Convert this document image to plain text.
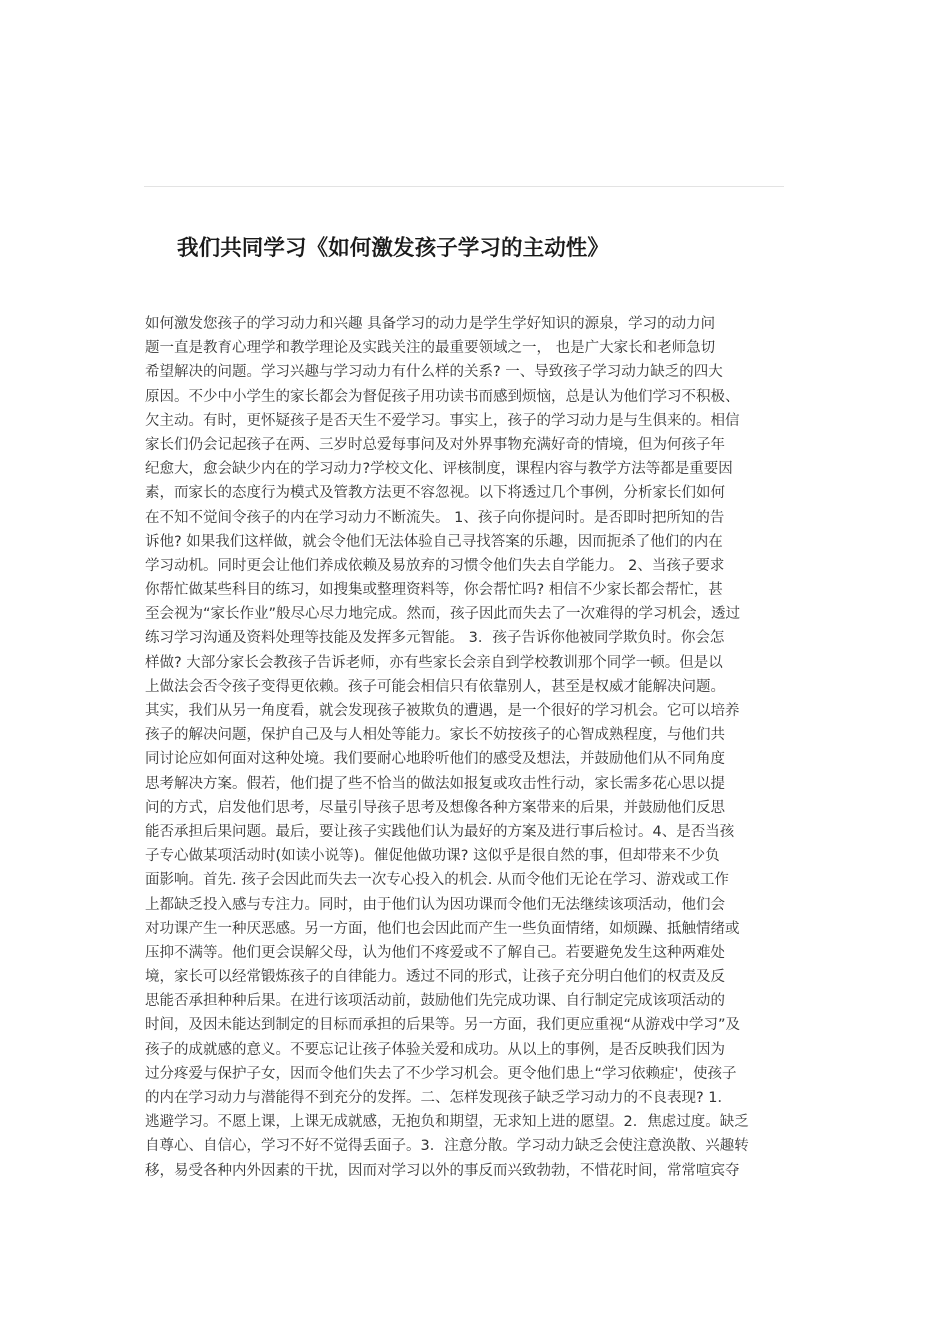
我们共同学习《如何激发孩子学习的主动性》
如何激发您孩子的学习动力和兴趣 具备学习的动力是学生学好知识的源泉，学习的动力问
题一直是教育心理学和教学理论及实践关注的最重要领域之一， 也是广大家长和老师急切
希望解决的问题。学习兴趣与学习动力有什么样的关系? 一、导致孩子学习动力缺乏的四大
原因。不少中小学生的家长都会为督促孩子用功读书而感到烦恼，总是认为他们学习不积极、
欠主动。有时，更怀疑孩子是否天生不爱学习。事实上，孩子的学习动力是与生俱来的。相信
家长们仍会记起孩子在两、三岁时总爱每事问及对外界事物充满好奇的情境，但为何孩子年
纪愈大，愈会缺少内在的学习动力?学校文化、评核制度，课程内容与教学方法等都是重要因
素，而家长的态度行为模式及管教方法更不容忽视。以下将透过几个事例，分析家长们如何
在不知不觉间令孩子的内在学习动力不断流失。 1、孩子向你提问时。是否即时把所知的告
诉他? 如果我们这样做，就会令他们无法体验自己寻找答案的乐趣，因而扼杀了他们的内在
学习动机。同时更会让他们养成依赖及易放弃的习惯令他们失去自学能力。 2、当孩子要求
你帮忙做某些科目的练习，如搜集或整理资料等，你会帮忙吗? 相信不少家长都会帮忙，甚
至会视为“家长作业”般尽心尽力地完成。然而，孩子因此而失去了一次难得的学习机会，透过
练习学习沟通及资料处理等技能及发挥多元智能。 3．孩子告诉你他被同学欺负时。你会怎
样做? 大部分家长会教孩子告诉老师，亦有些家长会亲自到学校教训那个同学一顿。但是以
上做法会否令孩子变得更依赖。孩子可能会相信只有依靠别人，甚至是权威才能解决问题。
其实，我们从另一角度看，就会发现孩子被欺负的遭遇，是一个很好的学习机会。它可以培养
孩子的解决问题，保护自己及与人相处等能力。家长不妨按孩子的心智成熟程度，与他们共
同讨论应如何面对这种处境。我们要耐心地聆听他们的感受及想法，并鼓励他们从不同角度
思考解决方案。假若，他们提了些不恰当的做法如报复或攻击性行动，家长需多花心思以提
问的方式，启发他们思考，尽量引导孩子思考及想像各种方案带来的后果，并鼓励他们反思
能否承担后果问题。最后，要让孩子实践他们认为最好的方案及进行事后检讨。4、是否当孩
子专心做某项活动时(如读小说等)。催促他做功课? 这似乎是很自然的事，但却带来不少负
面影响。首先. 孩子会因此而失去一次专心投入的机会. 从而令他们无论在学习、游戏或工作
上都缺乏投入感与专注力。同时，由于他们认为因功课而令他们无法继续该项活动，他们会
对功课产生一种厌恶感。另一方面，他们也会因此而产生一些负面情绪，如烦躁、抵触情绪或
压抑不满等。他们更会误解父母，认为他们不疼爱或不了解自己。若要避免发生这种两难处
境，家长可以经常锻炼孩子的自律能力。透过不同的形式，让孩子充分明白他们的权责及反
思能否承担种种后果。在进行该项活动前，鼓励他们先完成功课、自行制定完成该项活动的
时间，及因未能达到制定的目标而承担的后果等。另一方面，我们更应重视“从游戏中学习”及
孩子的成就感的意义。不要忘记让孩子体验关爱和成功。从以上的事例，是否反映我们因为
过分疼爱与保护子女，因而令他们失去了不少学习机会。更令他们患上“学习依赖症'，使孩子
的内在学习动力与潜能得不到充分的发挥。二、怎样发现孩子缺乏学习动力的不良表现? 1．
逃避学习。不愿上课，上课无成就感，无抱负和期望，无求知上进的愿望。2．焦虑过度。缺乏
自尊心、自信心，学习不好不觉得丢面子。3．注意分散。学习动力缺乏会使注意涣散、兴趣转
移，易受各种内外因素的干扰，因而对学习以外的事反而兴致勃勃，不惜花时间，常常喧宾夺
